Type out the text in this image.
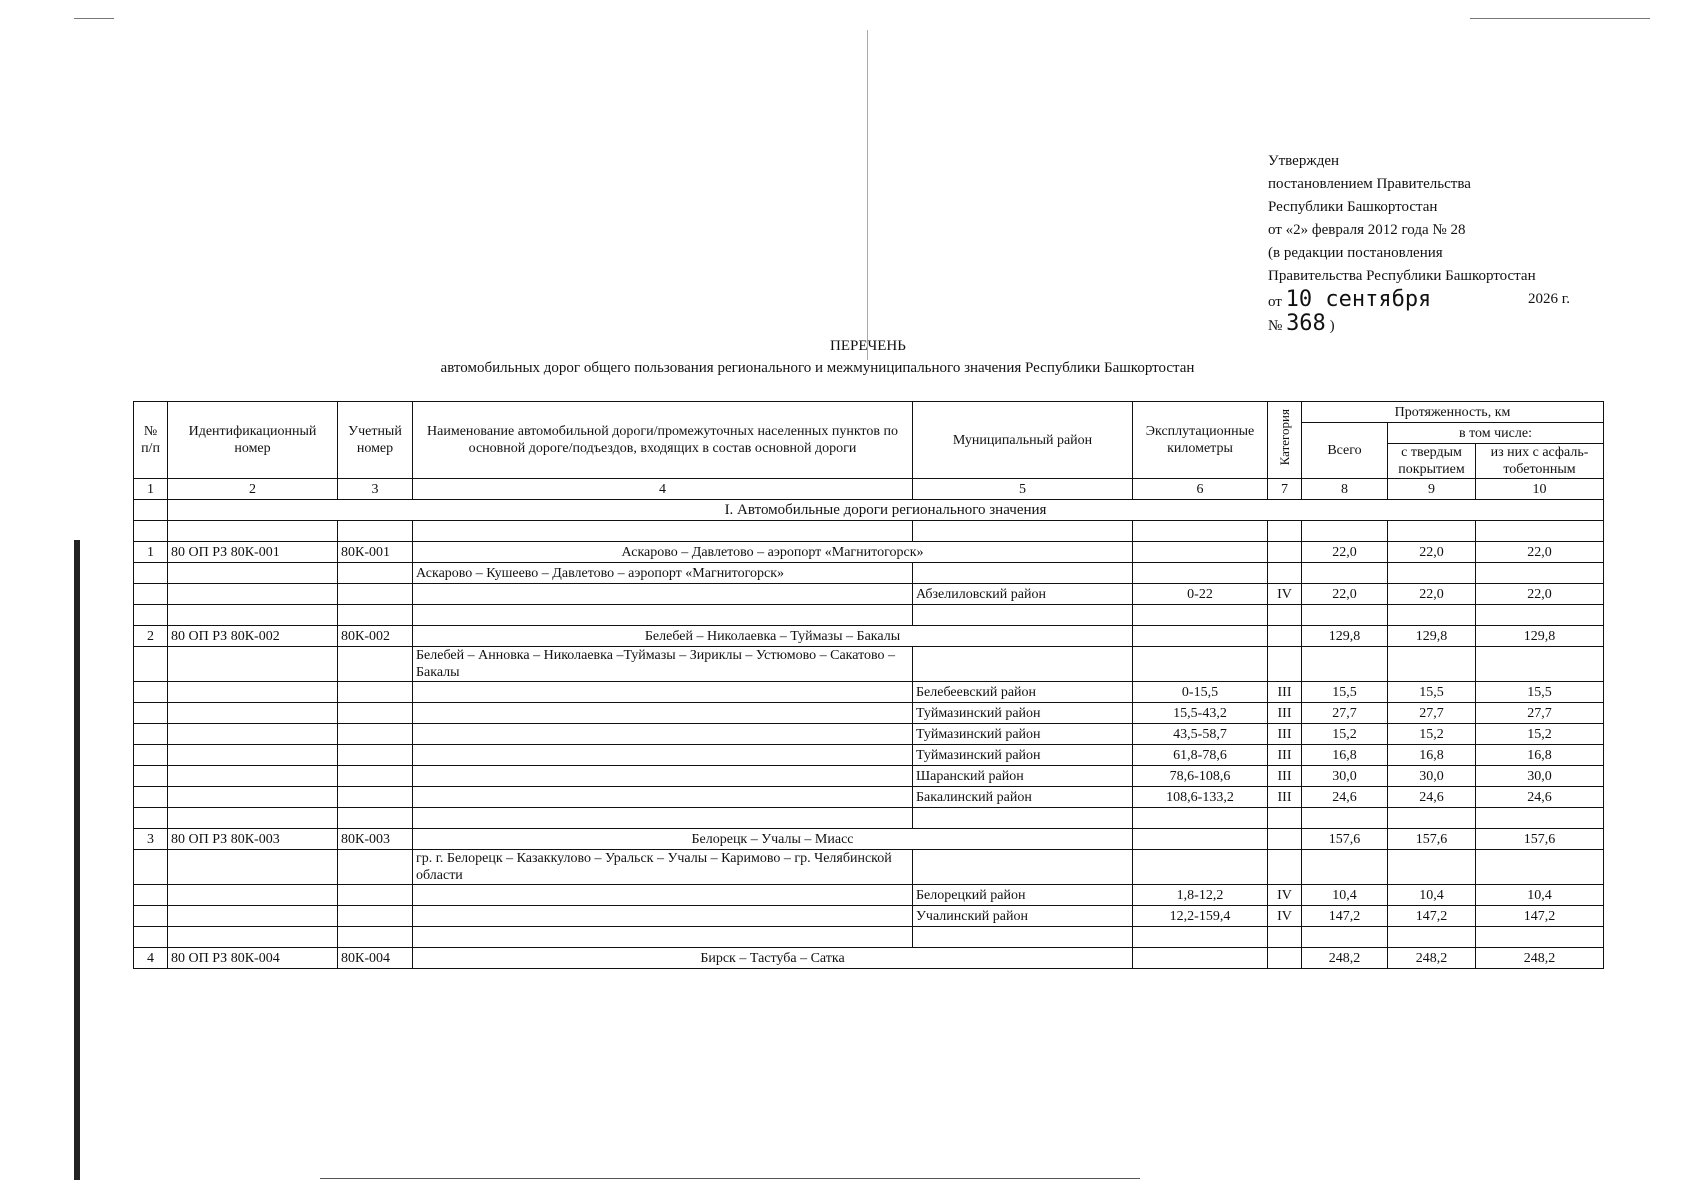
Утвержден
постановлением Правительства
Республики Башкортостан
от «2» февраля 2012 года № 28
(в редакции постановления
Правительства Республики Башкортостан
от 10 сентября	2026 г.
№ 368 )
ПЕРЕЧЕНЬ
автомобильных дорог общего пользования регионального и межмуниципального значения Республики Башкортостан
№ п/п	Идентификационный номер	Учетный номер	Наименование автомобильной дороги/промежуточных населенных пунктов по основной дороге/подъездов, входящих в состав основной дороги	Муниципальный район	Эксплутационные километры	Категория	Протяженность, км		
							Всего	в том числе:	
								с твердым покрытием	из них с асфаль-тобетонным
1	2	3	4	5	6	7	8	9	10
	I. Автомобильные дороги регионального значения								

1	80 ОП РЗ 80К-001	80К-001	Аскарово – Давлетово – аэропорт «Магнитогорск»				22,0	22,0	22,0
			Аскарово – Кушеево – Давлетово – аэропорт «Магнитогорск»						
				Абзелиловский район	0-22	IV	22,0	22,0	22,0

2	80 ОП РЗ 80К-002	80К-002	Белебей – Николаевка – Туймазы – Бакалы				129,8	129,8	129,8
			Белебей – Анновка – Николаевка –Туймазы – Зириклы – Устюмово – Сакатово – Бакалы						
				Белебеевский район	0-15,5	III	15,5	15,5	15,5
				Туймазинский район	15,5-43,2	III	27,7	27,7	27,7
				Туймазинский район	43,5-58,7	III	15,2	15,2	15,2
				Туймазинский район	61,8-78,6	III	16,8	16,8	16,8
				Шаранский район	78,6-108,6	III	30,0	30,0	30,0
				Бакалинский район	108,6-133,2	III	24,6	24,6	24,6

3	80 ОП РЗ 80К-003	80К-003	Белорецк – Учалы – Миасс				157,6	157,6	157,6
			гр. г. Белорецк – Казаккулово – Уральск – Учалы – Каримово – гр. Челябинской области						
				Белорецкий район	1,8-12,2	IV	10,4	10,4	10,4
				Учалинский район	12,2-159,4	IV	147,2	147,2	147,2

4	80 ОП РЗ 80К-004	80К-004	Бирск – Тастуба – Сатка				248,2	248,2	248,2
